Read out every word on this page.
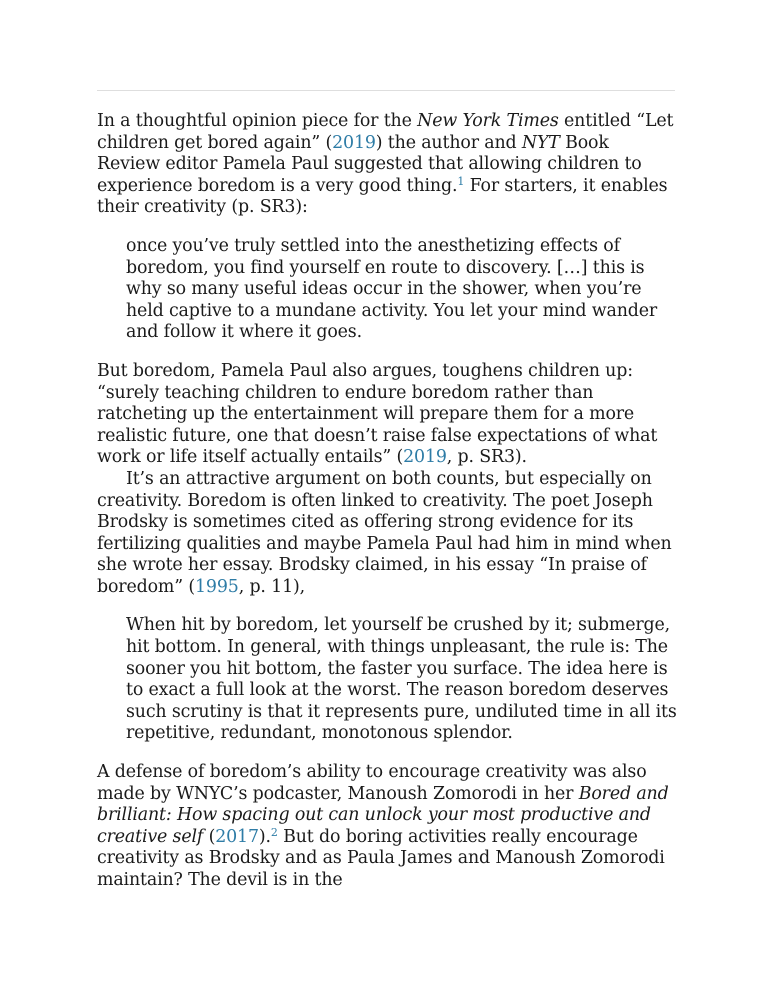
In a thoughtful opinion piece for the New York Times entitled “Let children get bored again” (2019) the author and NYT Book Review editor Pamela Paul suggested that allowing children to experience boredom is a very good thing.$^1$ For starters, it enables their creativity (p. SR3):

once you’ve truly settled into the anesthetizing effects of boredom, you find yourself en route to discovery. […] this is why so many useful ideas occur in the shower, when you’re held captive to a mundane activity. You let your mind wander and follow it where it goes.

But boredom, Pamela Paul also argues, toughens children up: “surely teaching children to endure boredom rather than ratcheting up the entertainment will prepare them for a more realistic future, one that doesn’t raise false expectations of what work or life itself actually entails” (2019, p. SR3).

It’s an attractive argument on both counts, but especially on creativity. Boredom is often linked to creativity. The poet Joseph Brodsky is sometimes cited as offering strong evidence for its fertilizing qualities and maybe Pamela Paul had him in mind when she wrote her essay. Brodsky claimed, in his essay “In praise of boredom” (1995, p. 11),

When hit by boredom, let yourself be crushed by it; submerge, hit bottom. In general, with things unpleasant, the rule is: The sooner you hit bottom, the faster you surface. The idea here is to exact a full look at the worst. The reason boredom deserves such scrutiny is that it represents pure, undiluted time in all its repetitive, redundant, monotonous splendor.

A defense of boredom’s ability to encourage creativity was also made by WNYC’s podcaster, Manoush Zomorodi in her Bored and brilliant: How spacing out can unlock your most productive and creative self (2017).$^2$ But do boring activities really encourage creativity as Brodsky and as Paula James and Manoush Zomorodi maintain? The devil is in the
